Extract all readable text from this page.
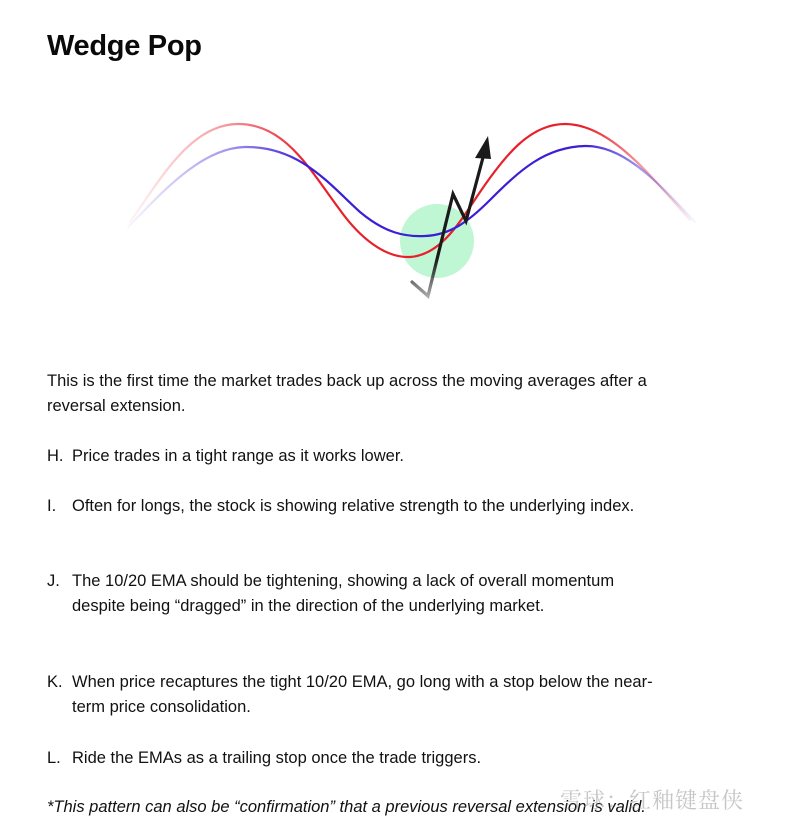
Wedge Pop

This is the first time the market trades back up across the moving averages after a reversal extension.

H. Price trades in a tight range as it works lower.
I. Often for longs, the stock is showing relative strength to the underlying index.
J. The 10/20 EMA should be tightening, showing a lack of overall momentum despite being “dragged” in the direction of the underlying market.
K. When price recaptures the tight 10/20 EMA, go long with a stop below the near-term price consolidation.
L. Ride the EMAs as a trailing stop once the trade triggers.

*This pattern can also be “confirmation” that a previous reversal extension is valid.

雪球：红釉键盘侠
